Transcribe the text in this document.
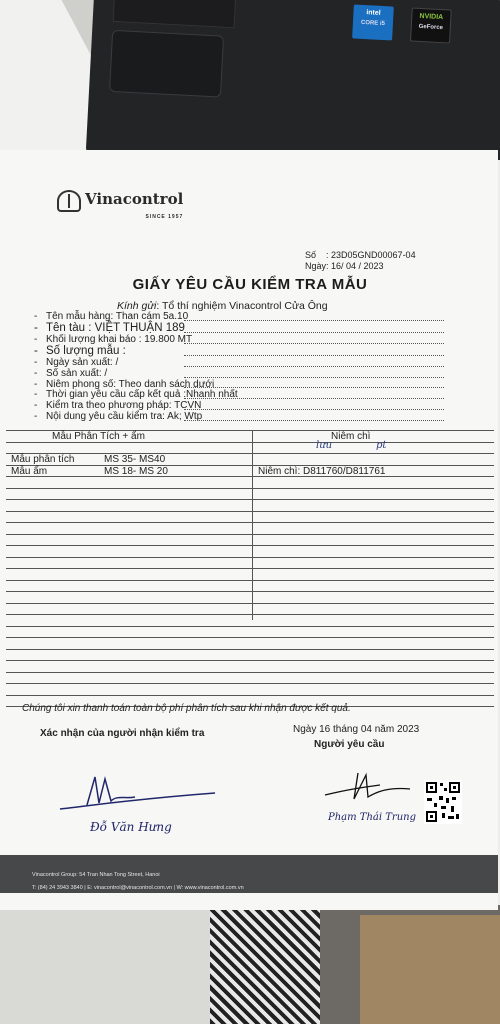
intel
CORE i5
NVIDIA
GeForce
Vinacontrol
SINCE 1957
Số : 23D05GND00067-04
Ngày: 16/ 04 / 2023
GIẤY YÊU CẦU KIỂM TRA MẪU
Kính gửi: Tổ thí nghiệm Vinacontrol Cửa Ông
- Tên mẫu hàng: Than cám 5a.10
- Tên tàu : VIỆT THUẬN 189
- Khối lượng khai báo : 19.800 MT
- Số lượng mẫu :
- Ngày sản xuất: /
- Số sản xuất: /
- Niêm phong số: Theo danh sách dưới
- Thời gian yêu cầu cấp kết quả :Nhanh nhất
- Kiểm tra theo phương pháp: TCVN
- Nội dung yêu cầu kiểm tra: Ak; Wtp
Mẫu Phân Tích + ẩm	Niêm chì
lưu	pt
Mẫu phân tích	MS 35- MS40
Mẫu ẩm	MS 18- MS 20	Niêm chì: D811760/D811761
Chúng tôi xin thanh toán toàn bộ phí phân tích sau khi nhận được kết quả.
Xác nhận của người nhận kiểm tra	Ngày 16 tháng 04 năm 2023
Người yêu cầu
Đỗ Văn Hưng
Phạm Thái Trung
Vinacontrol Group: 54 Tran Nhan Tong Street, Hanoi
T: (84) 24 3943 3840 | E: vinacontrol@vinacontrol.com.vn | W: www.vinacontrol.com.vn
